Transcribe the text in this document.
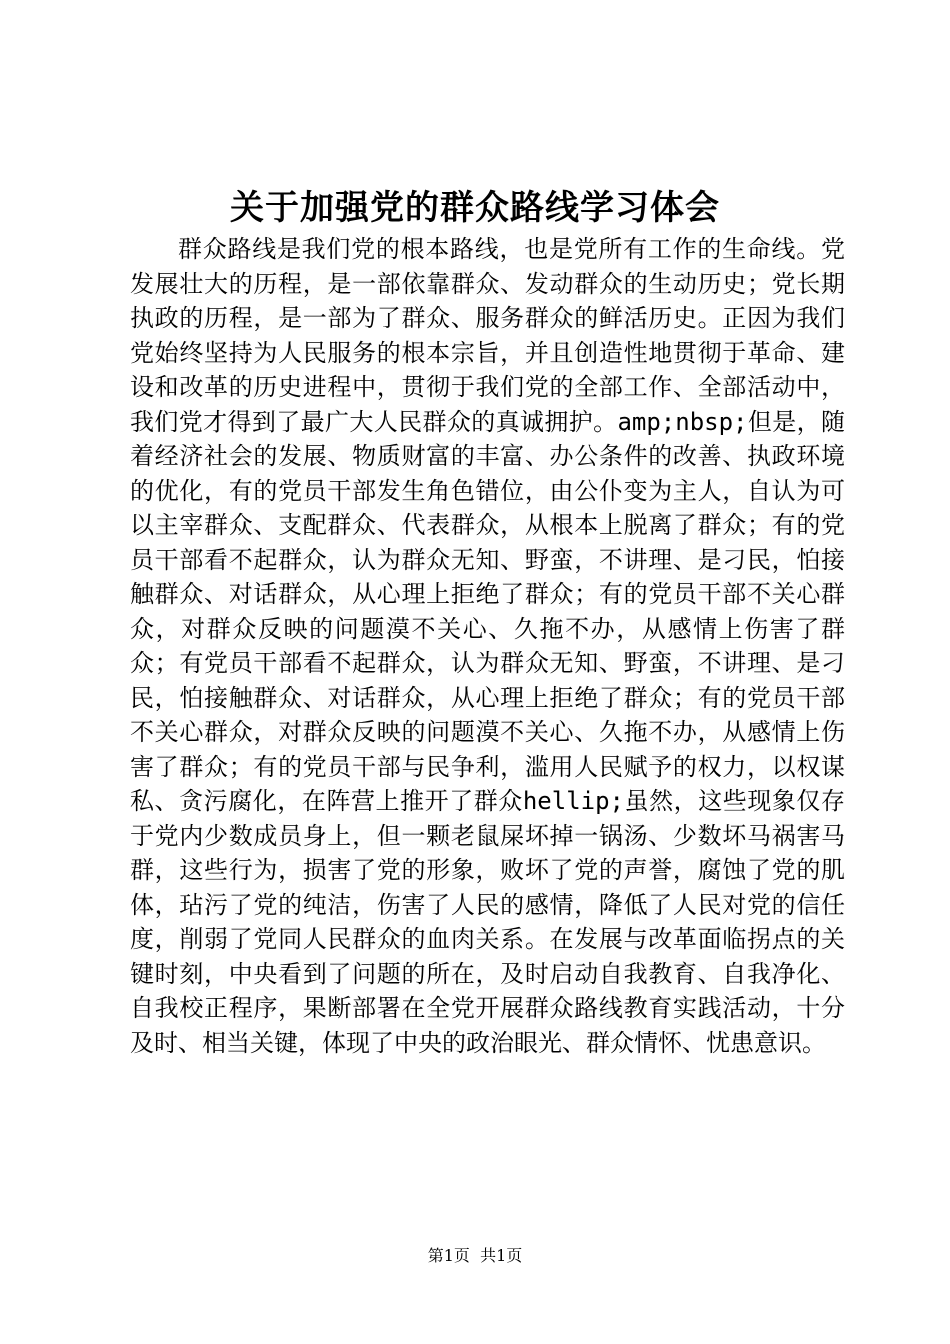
关于加强党的群众路线学习体会

群众路线是我们党的根本路线，也是党所有工作的生命线。党发展壮大的历程，是一部依靠群众、发动群众的生动历史；党长期执政的历程，是一部为了群众、服务群众的鲜活历史。正因为我们党始终坚持为人民服务的根本宗旨，并且创造性地贯彻于革命、建设和改革的历史进程中，贯彻于我们党的全部工作、全部活动中，我们党才得到了最广大人民群众的真诚拥护。amp;nbsp;但是，随着经济社会的发展、物质财富的丰富、办公条件的改善、执政环境的优化，有的党员干部发生角色错位，由公仆变为主人，自认为可以主宰群众、支配群众、代表群众，从根本上脱离了群众；有的党员干部看不起群众，认为群众无知、野蛮，不讲理、是刁民，怕接触群众、对话群众，从心理上拒绝了群众；有的党员干部不关心群众，对群众反映的问题漠不关心、久拖不办，从感情上伤害了群众；有党员干部看不起群众，认为群众无知、野蛮，不讲理、是刁民，怕接触群众、对话群众，从心理上拒绝了群众；有的党员干部不关心群众，对群众反映的问题漠不关心、久拖不办，从感情上伤害了群众；有的党员干部与民争利，滥用人民赋予的权力，以权谋私、贪污腐化，在阵营上推开了群众hellip;虽然，这些现象仅存于党内少数成员身上，但一颗老鼠屎坏掉一锅汤、少数坏马祸害马群，这些行为，损害了党的形象，败坏了党的声誉，腐蚀了党的肌体，玷污了党的纯洁，伤害了人民的感情，降低了人民对党的信任度，削弱了党同人民群众的血肉关系。在发展与改革面临拐点的关键时刻，中央看到了问题的所在，及时启动自我教育、自我净化、自我校正程序，果断部署在全党开展群众路线教育实践活动，十分及时、相当关键，体现了中央的政治眼光、群众情怀、忧患意识。

第1页 共1页
